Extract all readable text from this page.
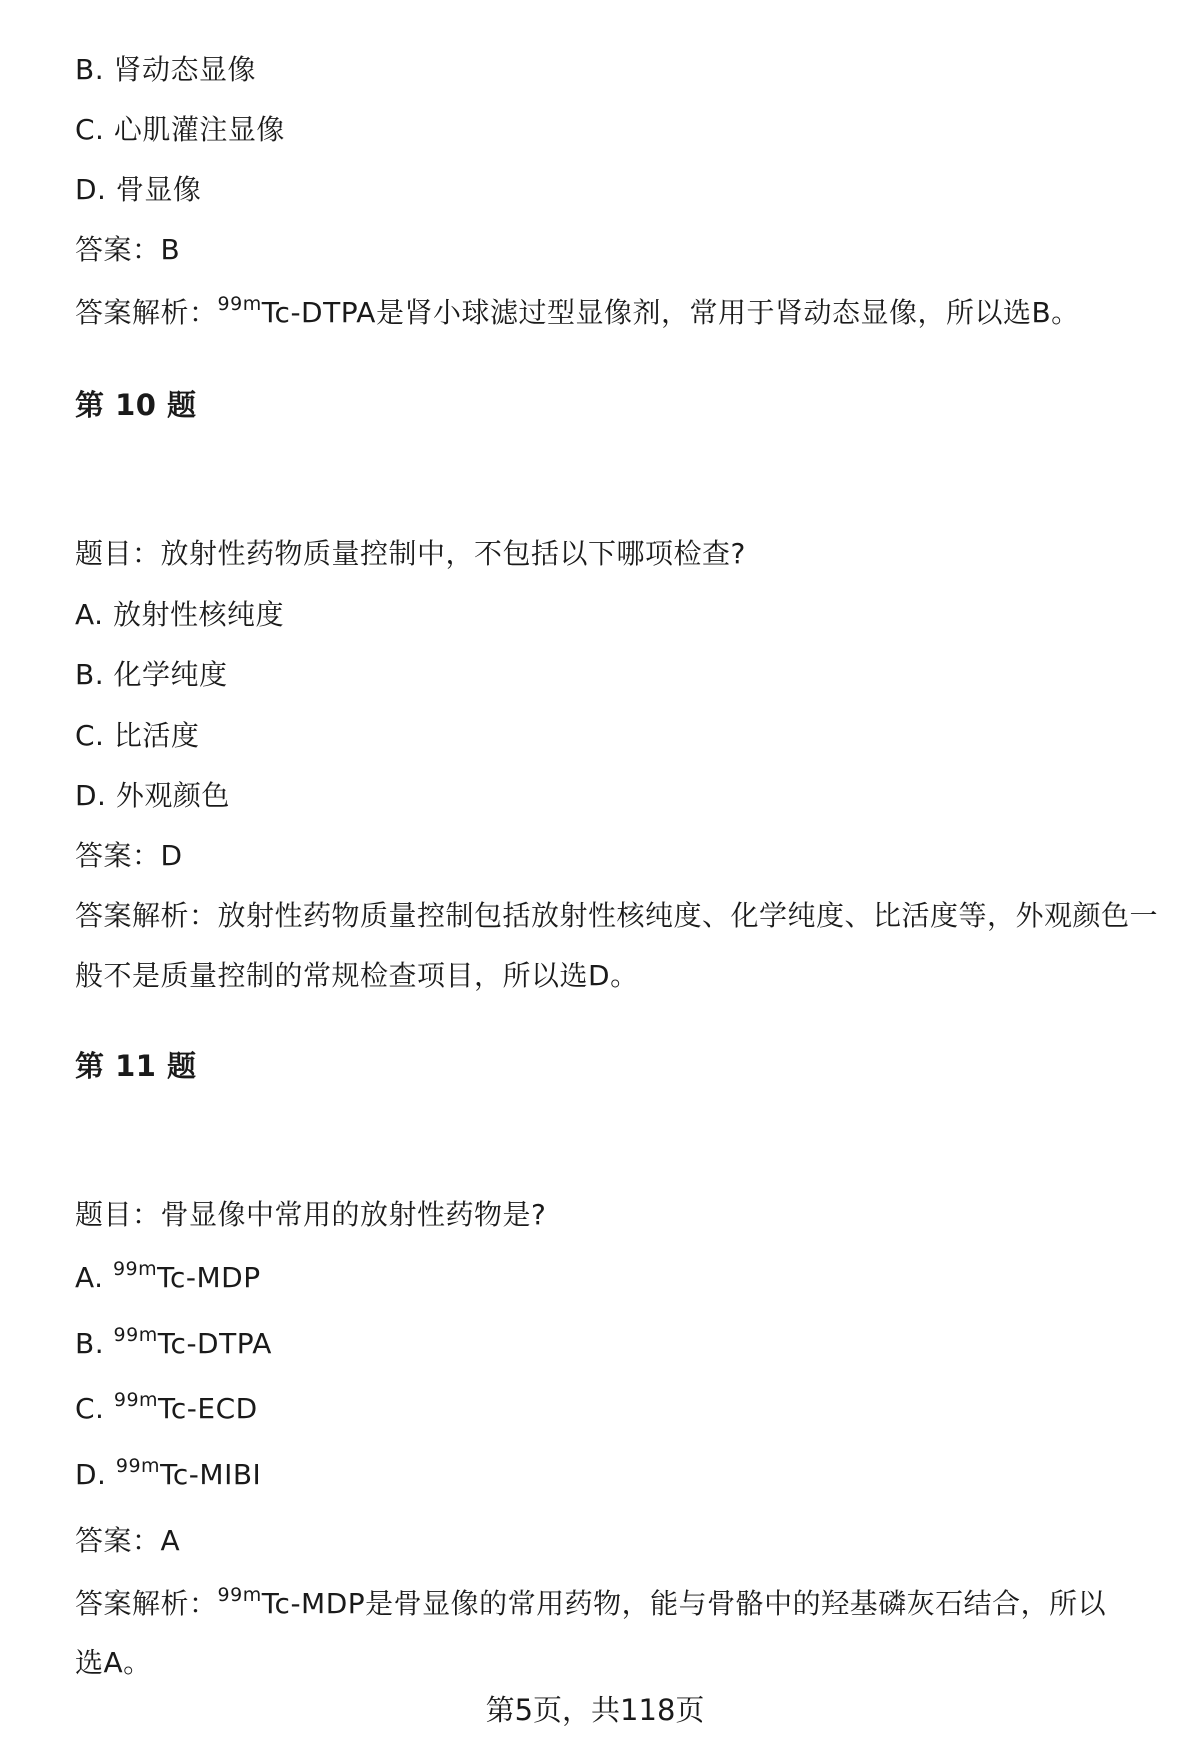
B. 肾动态显像
C. 心肌灌注显像
D. 骨显像
答案：B
答案解析：$^{99m}$Tc-DTPA是肾小球滤过型显像剂，常用于肾动态显像，所以选B。
第 10 题
题目：放射性药物质量控制中，不包括以下哪项检查?
A. 放射性核纯度
B. 化学纯度
C. 比活度
D. 外观颜色
答案：D
答案解析：放射性药物质量控制包括放射性核纯度、化学纯度、比活度等，外观颜色一般不是质量控制的常规检查项目，所以选D。
第 11 题
题目：骨显像中常用的放射性药物是?
A. $^{99m}$Tc-MDP
B. $^{99m}$Tc-DTPA
C. $^{99m}$Tc-ECD
D. $^{99m}$Tc-MIBI
答案：A
答案解析：$^{99m}$Tc-MDP是骨显像的常用药物，能与骨骼中的羟基磷灰石结合，所以
选A。
第5页，共118页
